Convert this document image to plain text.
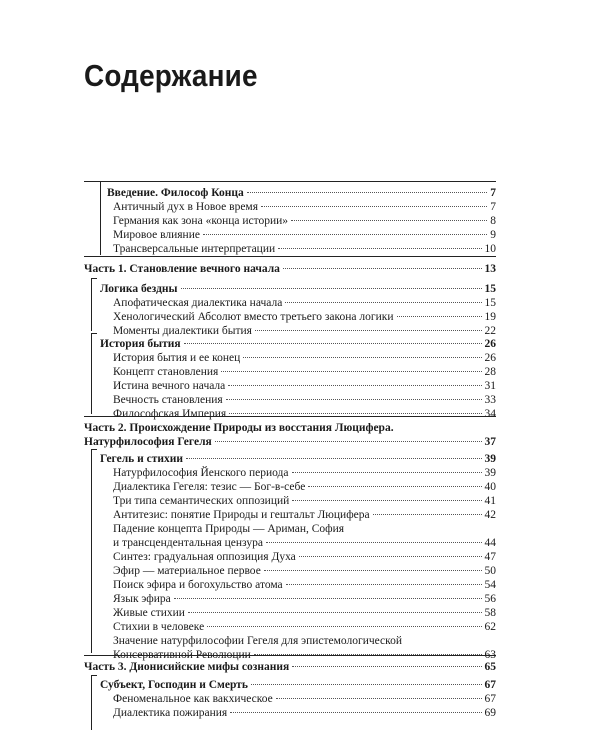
Содержание
Введение. Философ Конца	7
Античный дух в Новое время	7
Германия как зона «конца истории»	8
Мировое влияние	9
Трансверсальные интерпретации	10
Часть 1. Становление вечного начала	13
Логика бездны	15
Апофатическая диалектика начала	15
Хенологический Абсолют вместо третьего закона логики	19
Моменты диалектики бытия	22
История бытия	26
История бытия и ее конец	26
Концепт становления	28
Истина вечного начала	31
Вечность становления	33
Философская Империя	34
Часть 2. Происхождение Природы из восстания Люцифера.
Натурфилософия Гегеля	37
Гегель и стихии	39
Натурфилософия Йенского периода	39
Диалектика Гегеля: тезис — Бог-в-себе	40
Три типа семантических оппозиций	41
Антитезис: понятие Природы и гештальт Люцифера	42
Падение концепта Природы — Ариман, София
и трансцендентальная цензура	44
Синтез: градуальная оппозиция Духа	47
Эфир — материальное первое	50
Поиск эфира и богохульство атома	54
Язык эфира	56
Живые стихии	58
Стихии в человеке	62
Значение натурфилософии Гегеля для эпистемологической
Консервативной Революции	63
Часть 3. Дионисийские мифы сознания	65
Субъект, Господин и Смерть	67
Феноменальное как вакхическое	67
Диалектика пожирания	69
